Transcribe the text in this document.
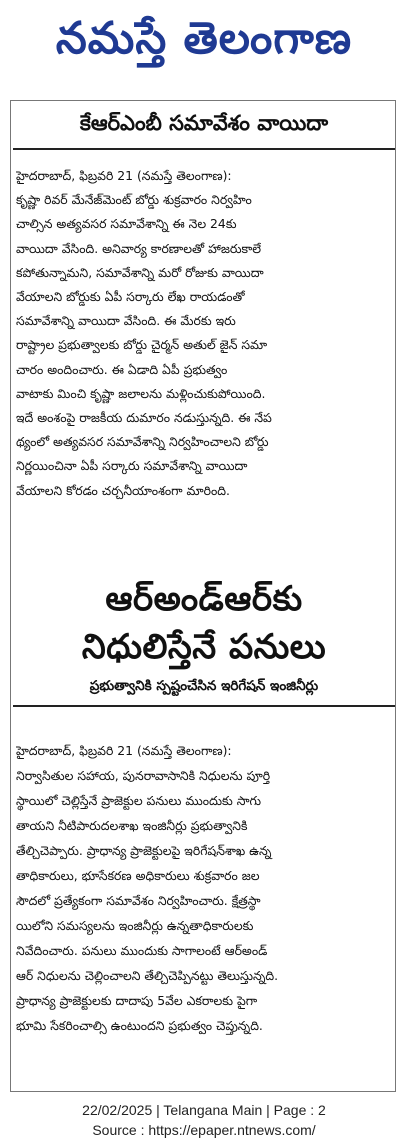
నమస్తే తెలంగాణ
కేఆర్ఎంబీ సమావేశం వాయిదా
హైదరాబాద్, ఫిబ్రవరి 21 (నమస్తే తెలంగాణ):
కృష్ణా రివర్ మేనేజ్‌మెంట్ బోర్డు శుక్రవారం నిర్వహిం
చాల్సిన అత్యవసర సమావేశాన్ని ఈ నెల 24కు
వాయిదా వేసింది. అనివార్య కారణాలతో హాజరుకాలే
కపోతున్నామని, సమావేశాన్ని మరో రోజుకు వాయిదా
వేయాలని బోర్డుకు ఏపీ సర్కారు లేఖ రాయడంతో
సమావేశాన్ని వాయిదా వేసింది. ఈ మేరకు ఇరు
రాష్ట్రాల ప్రభుత్వాలకు బోర్డు చైర్మన్ అతుల్ జైన్ సమా
చారం అందించారు. ఈ ఏడాది ఏపీ ప్రభుత్వం
వాటాకు మించి కృష్ణా జలాలను మళ్లించుకుపోయింది.
ఇదే అంశంపై రాజకీయ దుమారం నడుస్తున్నది. ఈ నేప
థ్యంలో అత్యవసర సమావేశాన్ని నిర్వహించాలని బోర్డు
నిర్ణయించినా ఏపీ సర్కారు సమావేశాన్ని వాయిదా
వేయాలని కోరడం చర్చనీయాంశంగా మారింది.
ఆర్అండ్ఆర్‌కు
నిధులిస్తేనే పనులు
ప్రభుత్వానికి స్పష్టంచేసిన ఇరిగేషన్ ఇంజినీర్లు
హైదరాబాద్, ఫిబ్రవరి 21 (నమస్తే తెలంగాణ):
నిర్వాసితుల సహాయ, పునరావాసానికి నిధులను పూర్తి
స్థాయిలో చెల్లిస్తేనే ప్రాజెక్టుల పనులు ముందుకు సాగు
తాయని నీటిపారుదలశాఖ ఇంజినీర్లు ప్రభుత్వానికి
తేల్చిచెప్పారు. ప్రాధాన్య ప్రాజెక్టులపై ఇరిగేషన్‌శాఖ ఉన్న
తాధికారులు, భూసేకరణ అధికారులు శుక్రవారం జల
సౌదలో ప్రత్యేకంగా సమావేశం నిర్వహించారు. క్షేత్రస్థా
యిలోని సమస్యలను ఇంజినీర్లు ఉన్నతాధికారులకు
నివేదించారు. పనులు ముందుకు సాగాలంటే ఆర్అండ్
ఆర్ నిధులను చెల్లించాలని తేల్చిచెప్పినట్టు తెలుస్తున్నది.
ప్రాధాన్య ప్రాజెక్టులకు దాదాపు 5వేల ఎకరాలకు పైగా
భూమి సేకరించాల్సి ఉంటుందని ప్రభుత్వం చెప్తున్నది.
22/02/2025 | Telangana Main | Page : 2
Source : https://epaper.ntnews.com/
